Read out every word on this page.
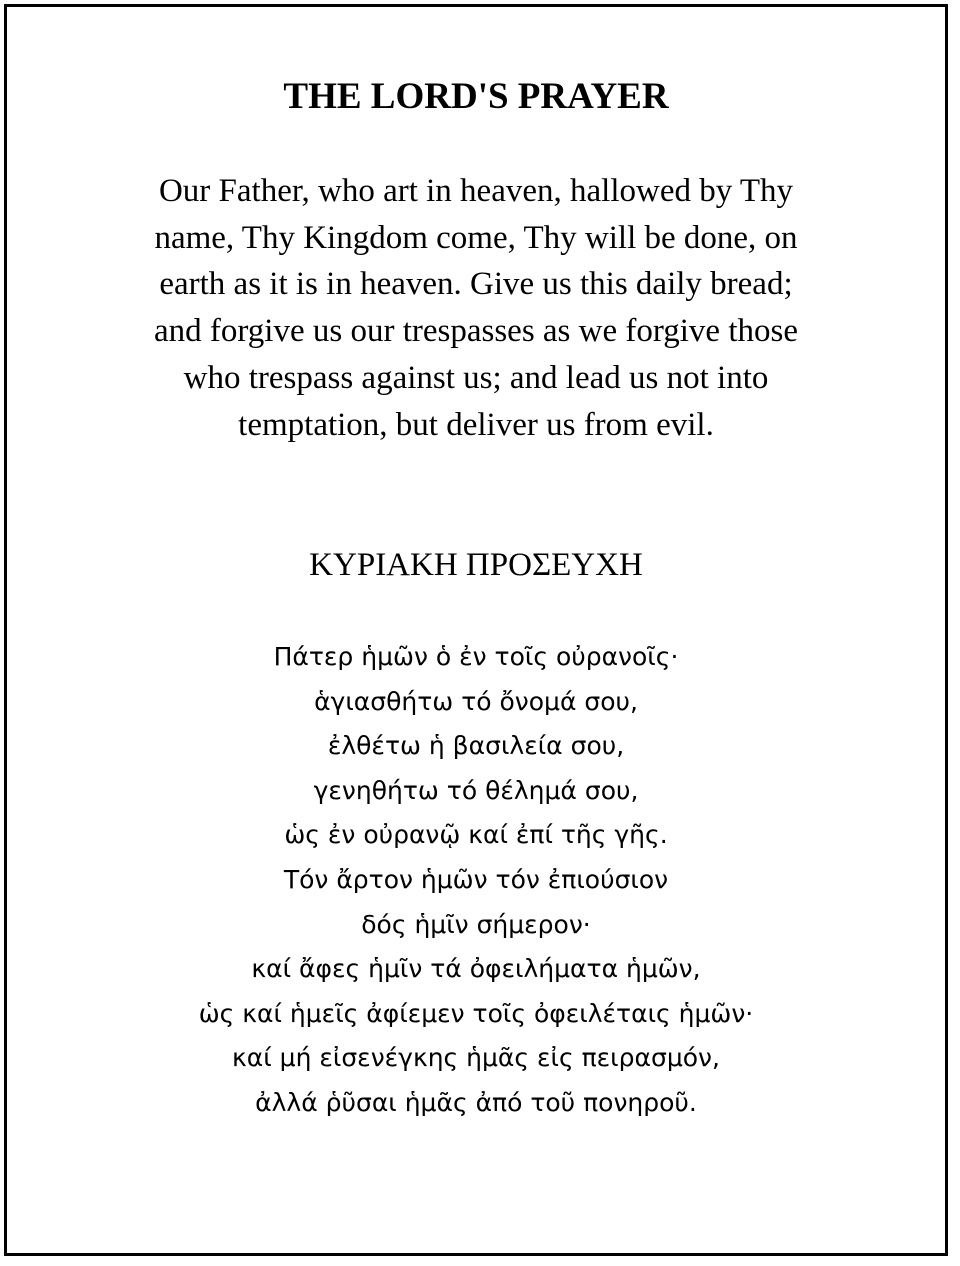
THE LORD'S PRAYER
Our Father, who art in heaven, hallowed by Thy
name, Thy Kingdom come, Thy will be done, on
earth as it is in heaven. Give us this daily bread;
and forgive us our trespasses as we forgive those
who trespass against us; and lead us not into
temptation, but deliver us from evil.
ΚΥΡΙΑΚΗ ΠΡΟΣΕΥΧΗ
Πάτερ ἡμῶν ὁ ἐν τοῖς οὐρανοῖς·
ἁγιασθήτω τό ὄνομά σου,
ἐλθέτω ἡ βασιλεία σου,
γενηθήτω τό θέλημά σου,
ὡς ἐν οὐρανῷ καί ἐπί τῆς γῆς.
Τόν ἄρτον ἡμῶν τόν ἐπιούσιον
δός ἡμῖν σήμερον·
καί ἄφες ἡμῖν τά ὀφειλήματα ἡμῶν,
ὡς καί ἡμεῖς ἀφίεμεν τοῖς ὀφειλέταις ἡμῶν·
καί μή εἰσενέγκης ἡμᾶς εἰς πειρασμόν,
ἀλλά ῥῦσαι ἡμᾶς ἀπό τοῦ πονηροῦ.
